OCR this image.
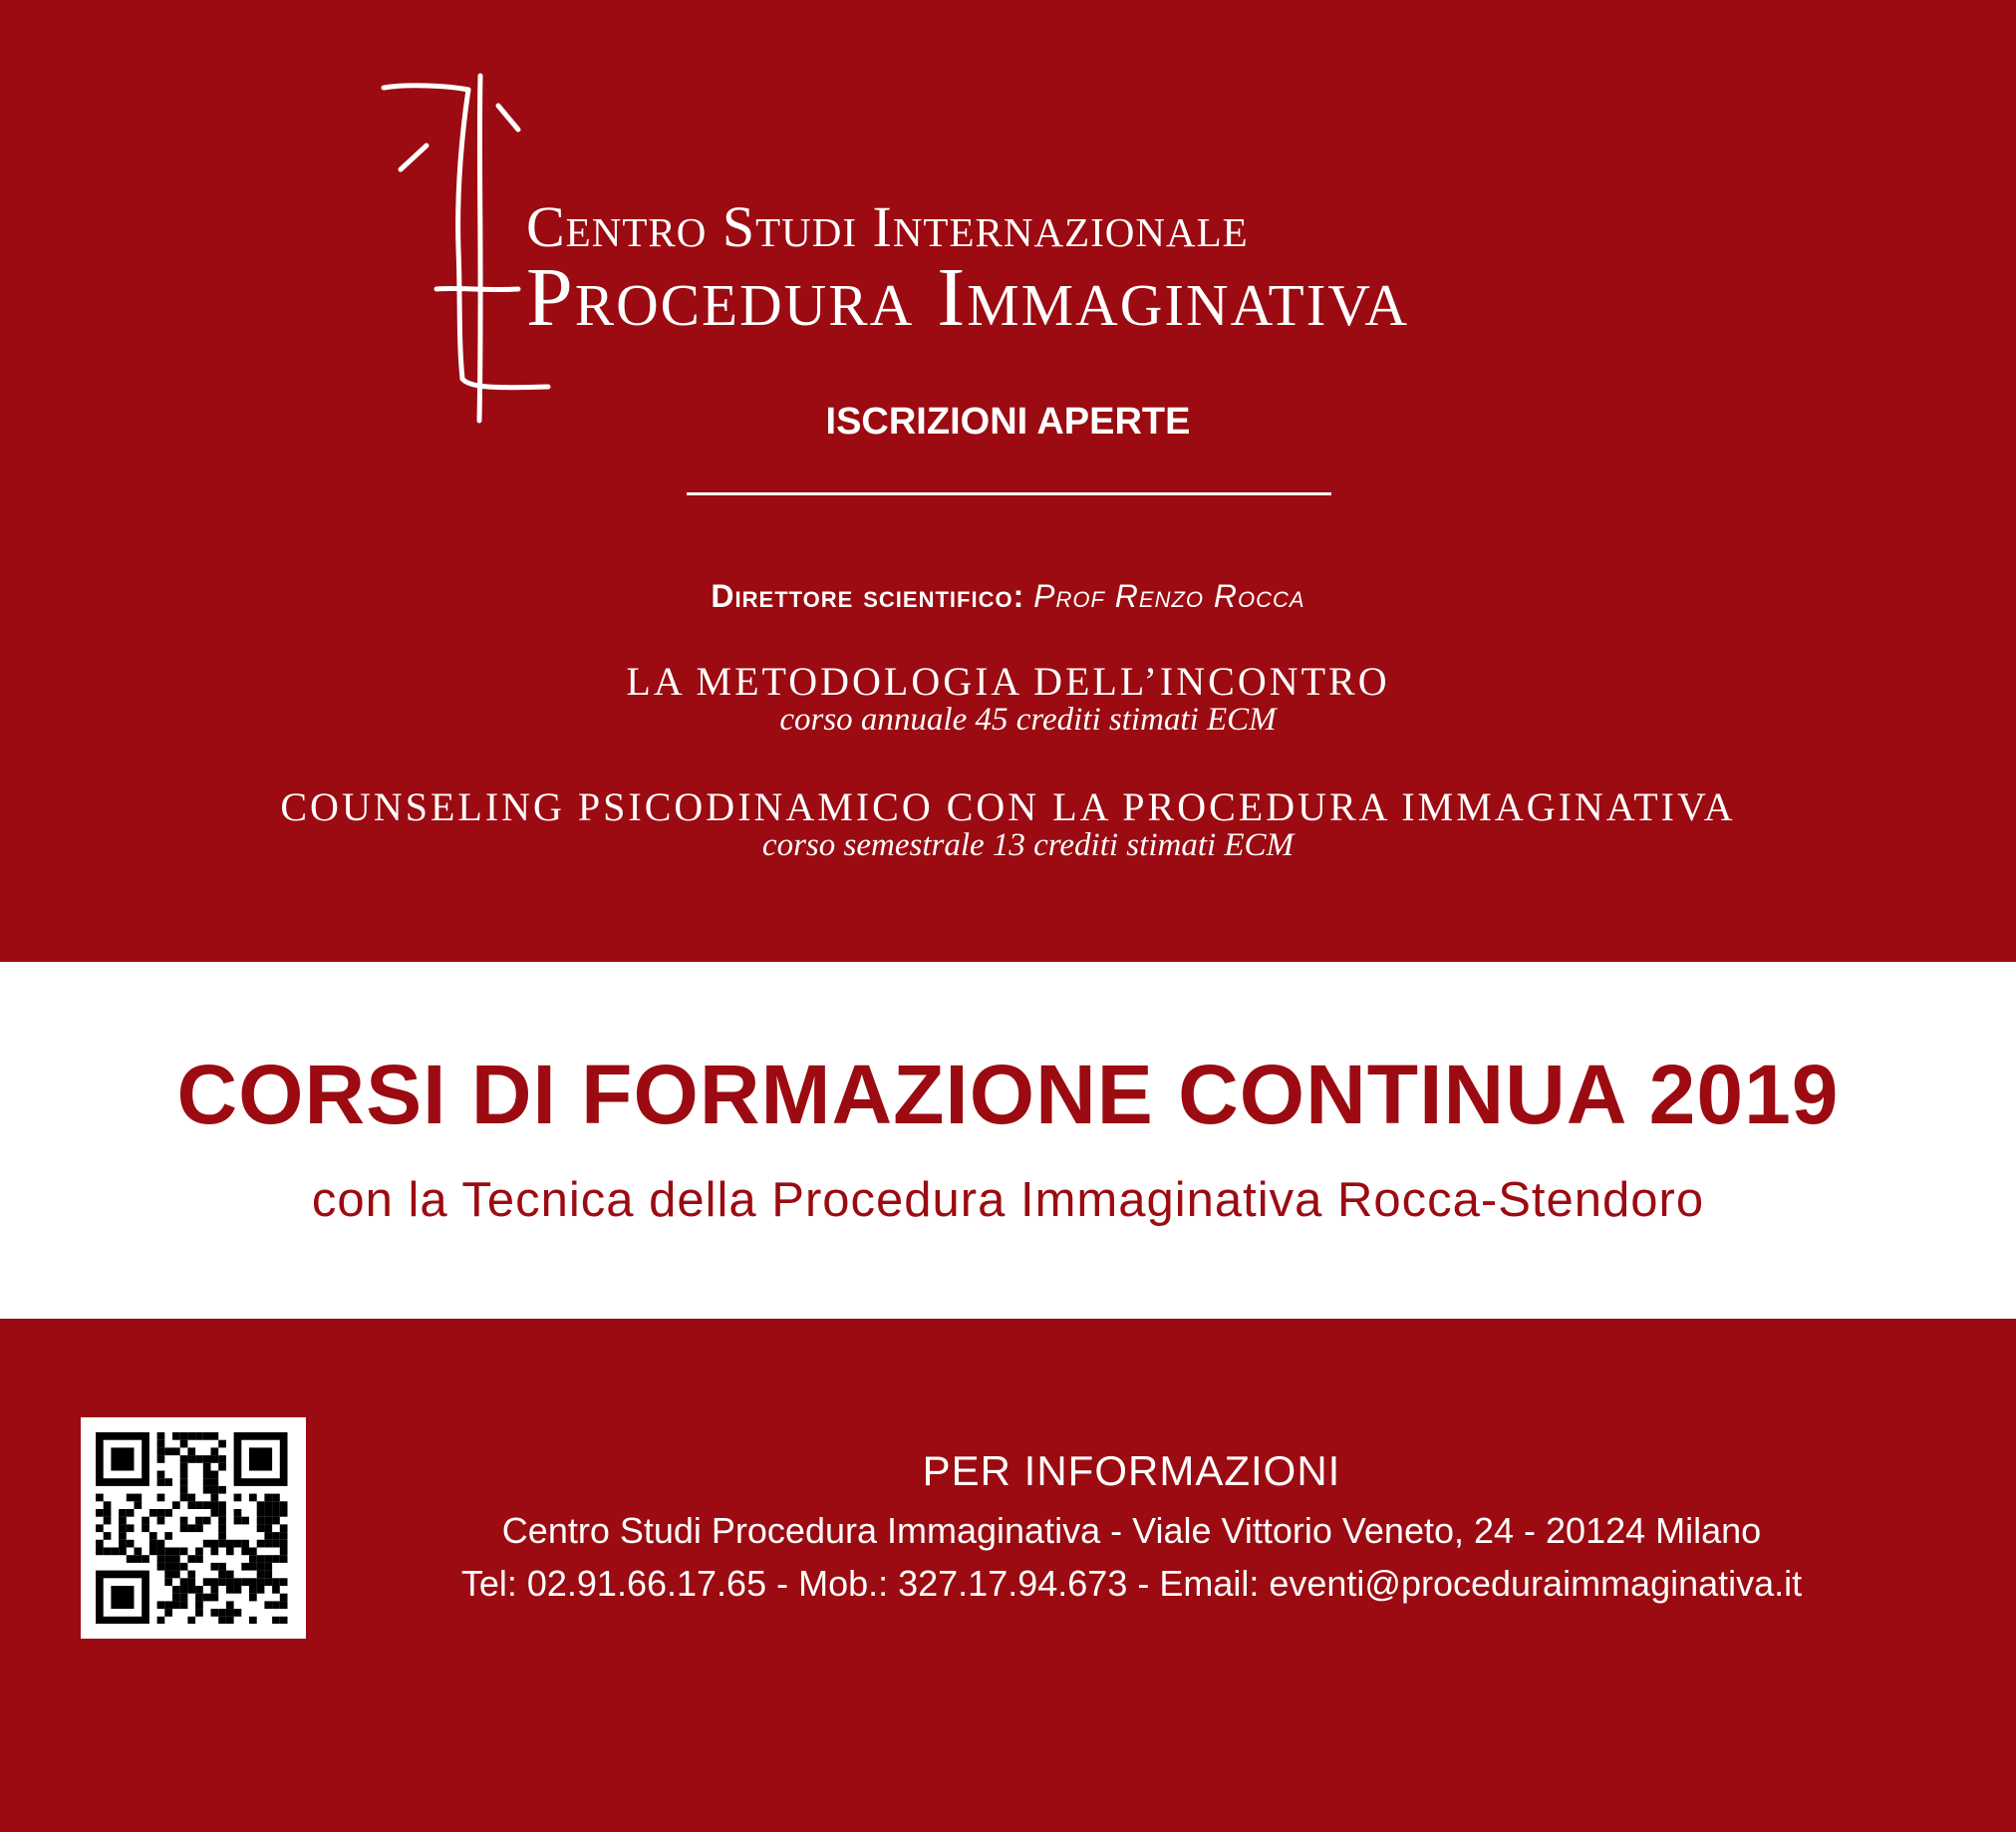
Centro Studi Internazionale
Procedura Immaginativa
ISCRIZIONI APERTE
Direttore scientifico: Prof Renzo Rocca
LA METODOLOGIA DELL’INCONTRO
corso annuale 45 crediti stimati ECM
COUNSELING PSICODINAMICO CON LA PROCEDURA IMMAGINATIVA
corso semestrale 13 crediti stimati ECM
CORSI DI FORMAZIONE CONTINUA 2019
con la Tecnica della Procedura Immaginativa Rocca-Stendoro
PER INFORMAZIONI
Centro Studi Procedura Immaginativa - Viale Vittorio Veneto, 24 - 20124 Milano
Tel: 02.91.66.17.65 - Mob.: 327.17.94.673 - Email: eventi@proceduraimmaginativa.it
